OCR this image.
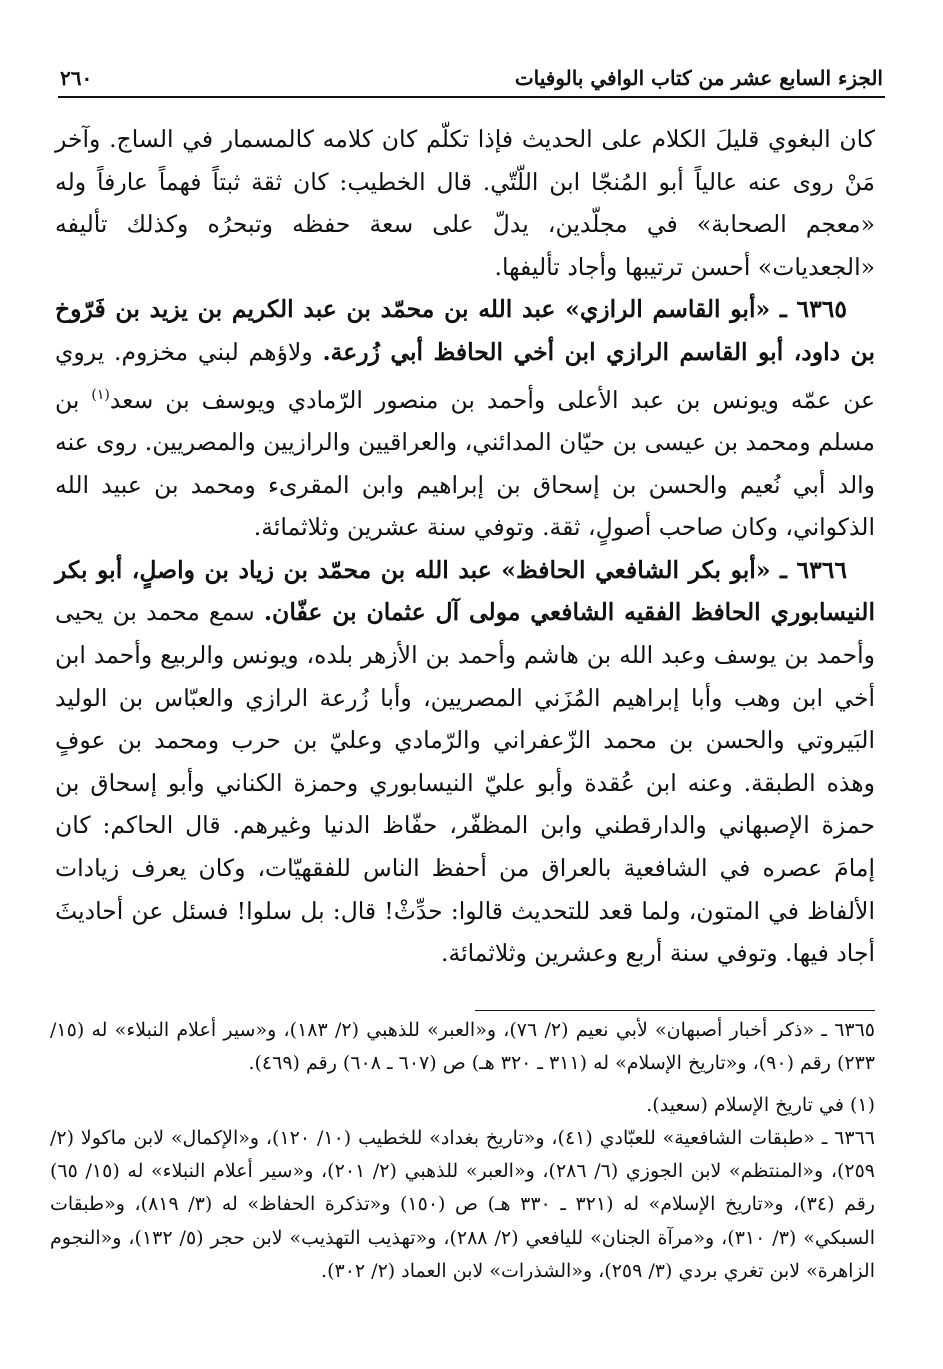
الجزء السابع عشر من كتاب الوافي بالوفيات
٢٦٠

كان البغوي قليلَ الكلام على الحديث فإذا تكلّم كان كلامه كالمسمار في الساج. وآخر مَنْ روى عنه عالياً أبو المُنجّا ابن اللّتّي. قال الخطيب: كان ثقة ثبتاً فهماً عارفاً وله «معجم الصحابة» في مجلّدين، يدلّ على سعة حفظه وتبحرُه وكذلك تأليفه «الجعديات» أحسن ترتيبها وأجاد تأليفها.

٦٣٦٥ ـ «أبو القاسم الرازي» عبد الله بن محمّد بن عبد الكريم بن يزيد بن فَرّوخ بن داود، أبو القاسم الرازي ابن أخي الحافظ أبي زُرعة. ولاؤهم لبني مخزوم. يروي عن عمّه ويونس بن عبد الأعلى وأحمد بن منصور الرّمادي ويوسف بن سعد$^{(١)}$ بن مسلم ومحمد بن عيسى بن حيّان المدائني، والعراقيين والرازيين والمصريين. روى عنه والد أبي نُعيم والحسن بن إسحاق بن إبراهيم وابن المقرىء ومحمد بن عبيد الله الذكواني، وكان صاحب أصولٍ، ثقة. وتوفي سنة عشرين وثلاثمائة.

٦٣٦٦ ـ «أبو بكر الشافعي الحافظ» عبد الله بن محمّد بن زياد بن واصلٍ، أبو بكر النيسابوري الحافظ الفقيه الشافعي مولى آل عثمان بن عفّان. سمع محمد بن يحيى وأحمد بن يوسف وعبد الله بن هاشم وأحمد بن الأزهر بلده، ويونس والربيع وأحمد ابن أخي ابن وهب وأبا إبراهيم المُزَني المصريين، وأبا زُرعة الرازي والعبّاس بن الوليد البَيروتي والحسن بن محمد الزّعفراني والرّمادي وعليّ بن حرب ومحمد بن عوفٍ وهذه الطبقة. وعنه ابن عُقدة وأبو عليّ النيسابوري وحمزة الكناني وأبو إسحاق بن حمزة الإصبهاني والدارقطني وابن المظفّر، حفّاظ الدنيا وغيرهم. قال الحاكم: كان إمامَ عصره في الشافعية بالعراق من أحفظ الناس للفقهيّات، وكان يعرف زيادات الألفاظ في المتون، ولما قعد للتحديث قالوا: حدِّثْ! قال: بل سلوا! فسئل عن أحاديثَ أجاد فيها. وتوفي سنة أربع وعشرين وثلاثمائة.

٦٣٦٥ ـ «ذكر أخبار أصبهان» لأبي نعيم (٢/ ٧٦)، و«العبر» للذهبي (٢/ ١٨٣)، و«سير أعلام النبلاء» له (١٥/ ٢٣٣) رقم (٩٠)، و«تاريخ الإسلام» له (٣١١ ـ ٣٢٠ هـ) ص (٦٠٧ ـ ٦٠٨) رقم (٤٦٩).

(١) في تاريخ الإسلام (سعيد).

٦٣٦٦ ـ «طبقات الشافعية» للعبّادي (٤١)، و«تاريخ بغداد» للخطيب (١٠/ ١٢٠)، و«الإكمال» لابن ماكولا (٢/ ٢٥٩)، و«المنتظم» لابن الجوزي (٦/ ٢٨٦)، و«العبر» للذهبي (٢/ ٢٠١)، و«سير أعلام النبلاء» له (١٥/ ٦٥) رقم (٣٤)، و«تاريخ الإسلام» له (٣٢١ ـ ٣٣٠ هـ) ص (١٥٠) و«تذكرة الحفاظ» له (٣/ ٨١٩)، و«طبقات السبكي» (٣/ ٣١٠)، و«مرآة الجنان» لليافعي (٢/ ٢٨٨)، و«تهذيب التهذيب» لابن حجر (٥/ ١٣٢)، و«النجوم الزاهرة» لابن تغري بردي (٣/ ٢٥٩)، و«الشذرات» لابن العماد (٢/ ٣٠٢).
